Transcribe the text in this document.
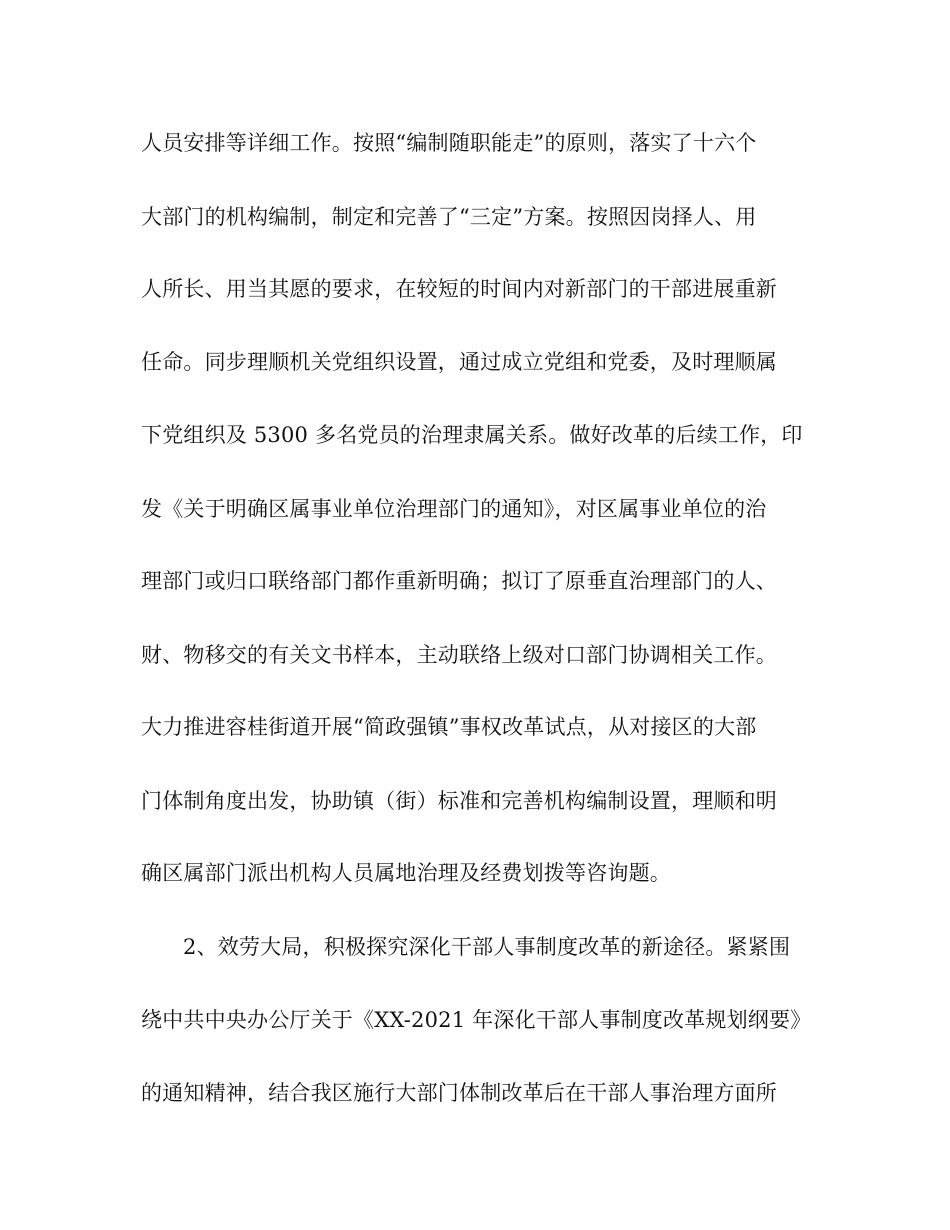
人员安排等详细工作。按照“编制随职能走”的原则，落实了十六个
大部门的机构编制，制定和完善了“三定”方案。按照因岗择人、用
人所长、用当其愿的要求，在较短的时间内对新部门的干部进展重新
任命。同步理顺机关党组织设置，通过成立党组和党委，及时理顺属
下党组织及 5300 多名党员的治理隶属关系。做好改革的后续工作，印
发《关于明确区属事业单位治理部门的通知》，对区属事业单位的治
理部门或归口联络部门都作重新明确；拟订了原垂直治理部门的人、
财、物移交的有关文书样本，主动联络上级对口部门协调相关工作。
大力推进容桂街道开展“简政强镇”事权改革试点，从对接区的大部
门体制角度出发，协助镇（街）标准和完善机构编制设置，理顺和明
确区属部门派出机构人员属地治理及经费划拨等咨询题。
2、效劳大局，积极探究深化干部人事制度改革的新途径。紧紧围
绕中共中央办公厅关于《XX-2021 年深化干部人事制度改革规划纲要》
的通知精神，结合我区施行大部门体制改革后在干部人事治理方面所
